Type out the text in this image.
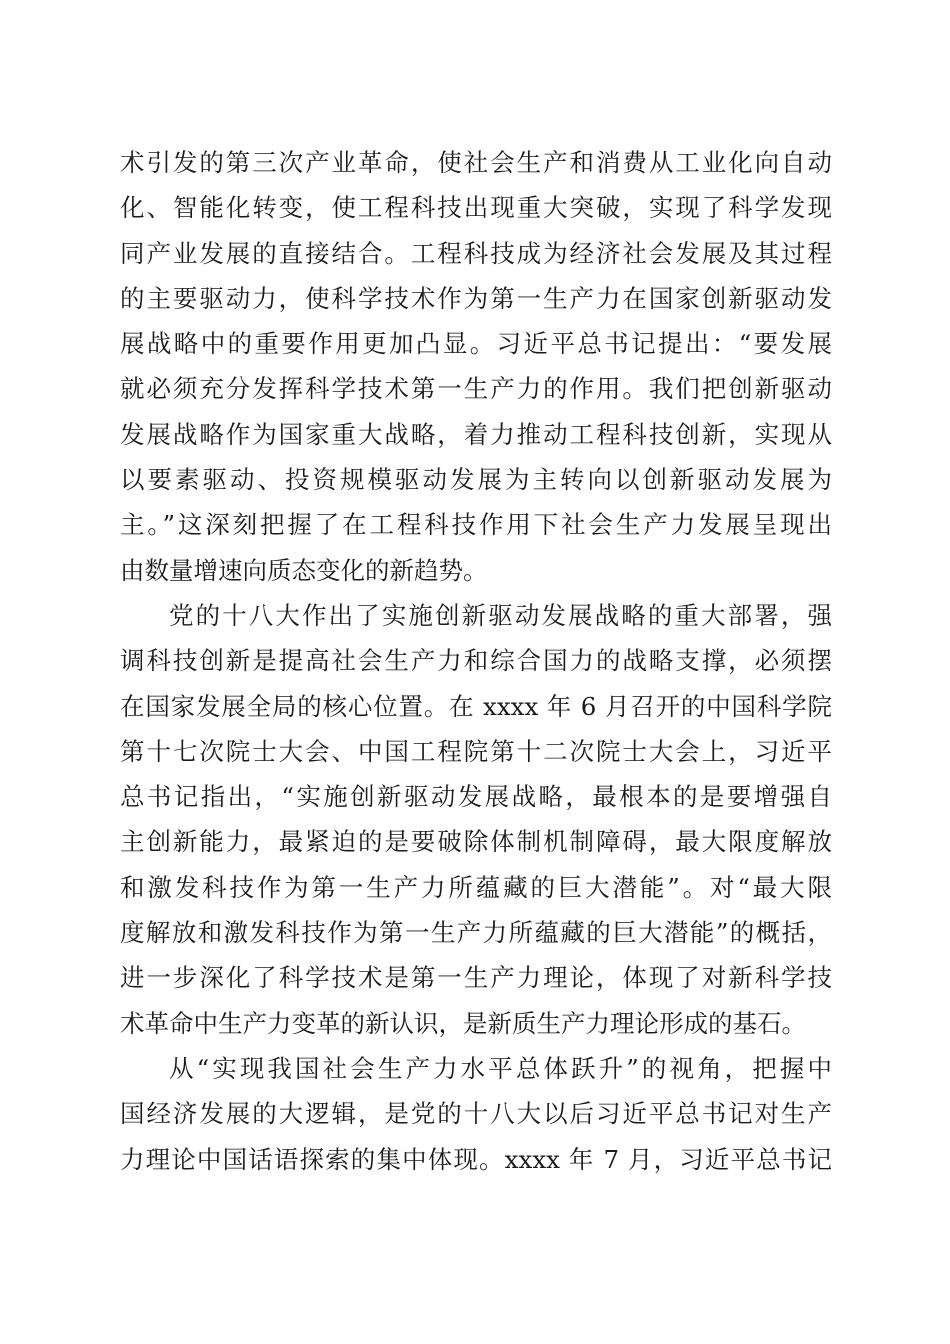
术引发的第三次产业革命，使社会生产和消费从工业化向自动
化、智能化转变，使工程科技出现重大突破，实现了科学发现
同产业发展的直接结合。工程科技成为经济社会发展及其过程
的主要驱动力，使科学技术作为第一生产力在国家创新驱动发
展战略中的重要作用更加凸显。习近平总书记提出：“要发展
就必须充分发挥科学技术第一生产力的作用。我们把创新驱动
发展战略作为国家重大战略，着力推动工程科技创新，实现从
以要素驱动、投资规模驱动发展为主转向以创新驱动发展为
主。”这深刻把握了在工程科技作用下社会生产力发展呈现出
由数量增速向质态变化的新趋势。
党的十八大作出了实施创新驱动发展战略的重大部署，强
调科技创新是提高社会生产力和综合国力的战略支撑，必须摆
在国家发展全局的核心位置。在 xxxx 年 6 月召开的中国科学院
第十七次院士大会、中国工程院第十二次院士大会上，习近平
总书记指出，“实施创新驱动发展战略，最根本的是要增强自
主创新能力，最紧迫的是要破除体制机制障碍，最大限度解放
和激发科技作为第一生产力所蕴藏的巨大潜能”。对“最大限
度解放和激发科技作为第一生产力所蕴藏的巨大潜能”的概括，
进一步深化了科学技术是第一生产力理论，体现了对新科学技
术革命中生产力变革的新认识，是新质生产力理论形成的基石。
从“实现我国社会生产力水平总体跃升”的视角，把握中
国经济发展的大逻辑，是党的十八大以后习近平总书记对生产
力理论中国话语探索的集中体现。xxxx 年 7 月，习近平总书记
